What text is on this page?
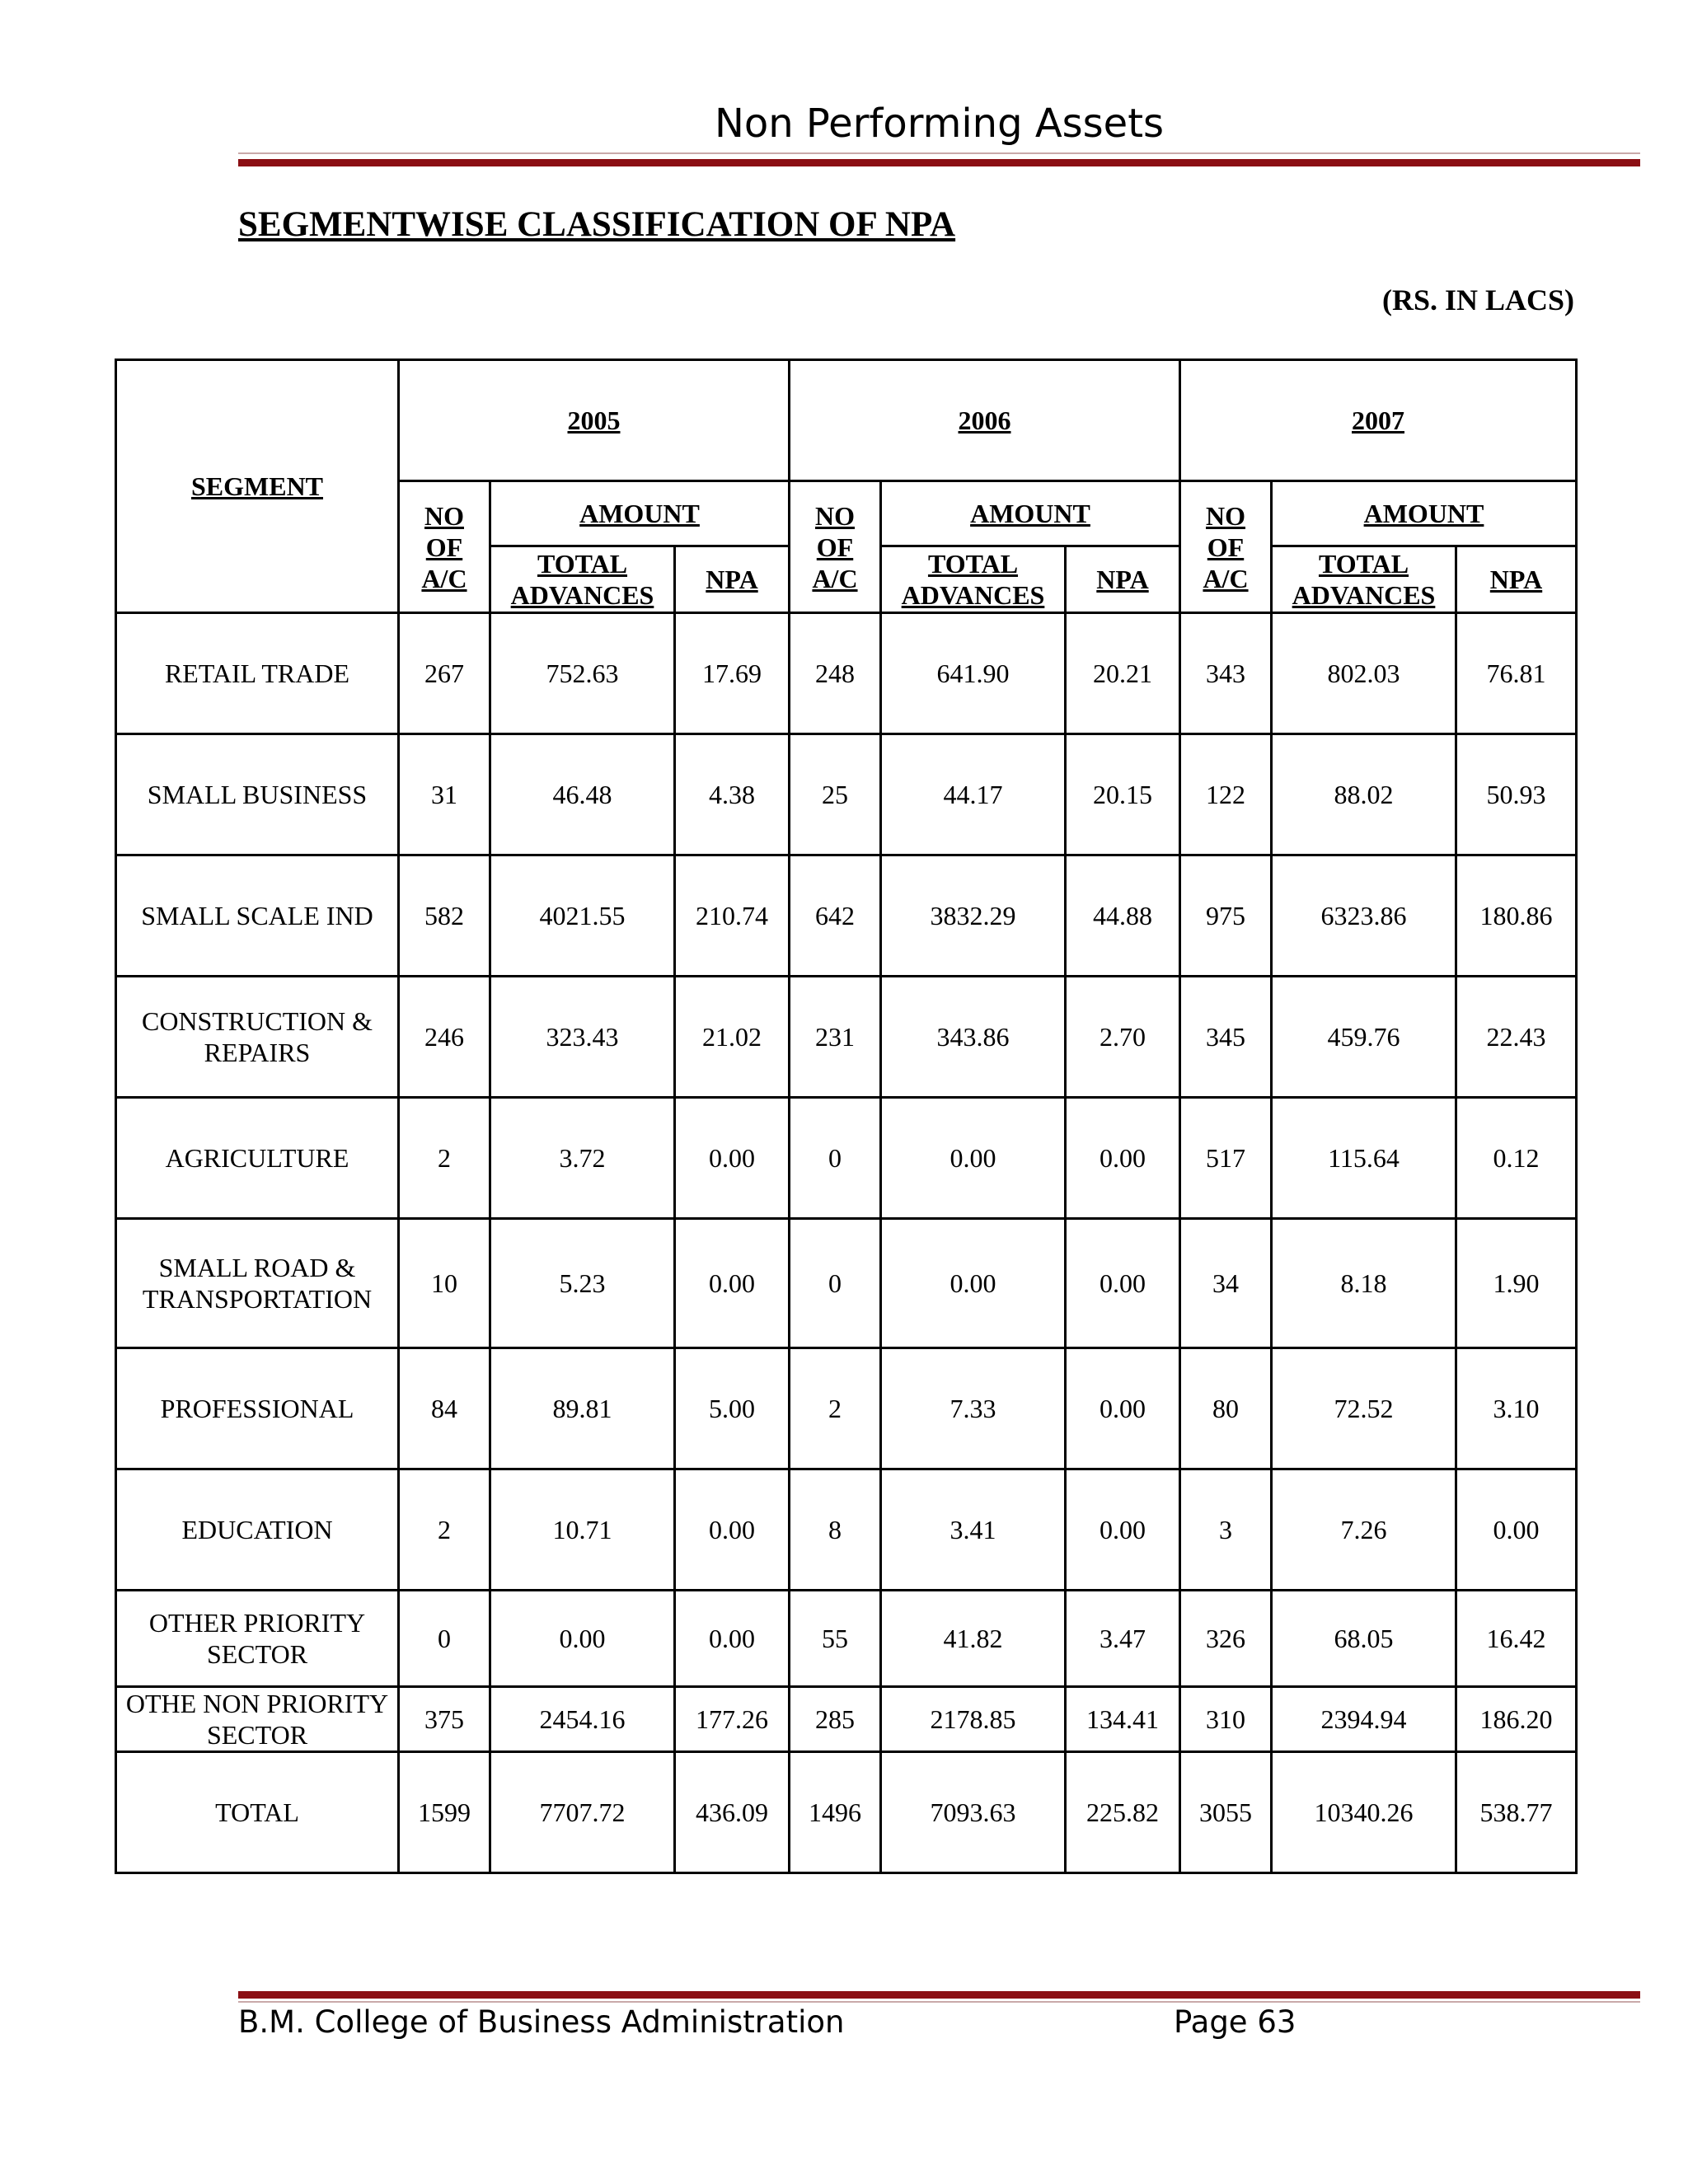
Non Performing Assets
SEGMENTWISE CLASSIFICATION OF NPA
(RS. IN LACS)
SEGMENT	2005			2006			2007		
	NO OF A/C	AMOUNT		NO OF A/C	AMOUNT		NO OF A/C	AMOUNT	
		TOTAL ADVANCES	NPA		TOTAL ADVANCES	NPA		TOTAL ADVANCES	NPA
RETAIL TRADE	267	752.63	17.69	248	641.90	20.21	343	802.03	76.81
SMALL BUSINESS	31	46.48	4.38	25	44.17	20.15	122	88.02	50.93
SMALL SCALE IND	582	4021.55	210.74	642	3832.29	44.88	975	6323.86	180.86
CONSTRUCTION & REPAIRS	246	323.43	21.02	231	343.86	2.70	345	459.76	22.43
AGRICULTURE	2	3.72	0.00	0	0.00	0.00	517	115.64	0.12
SMALL ROAD & TRANSPORTATION	10	5.23	0.00	0	0.00	0.00	34	8.18	1.90
PROFESSIONAL	84	89.81	5.00	2	7.33	0.00	80	72.52	3.10
EDUCATION	2	10.71	0.00	8	3.41	0.00	3	7.26	0.00
OTHER PRIORITY SECTOR	0	0.00	0.00	55	41.82	3.47	326	68.05	16.42
OTHE NON PRIORITY SECTOR	375	2454.16	177.26	285	2178.85	134.41	310	2394.94	186.20
TOTAL	1599	7707.72	436.09	1496	7093.63	225.82	3055	10340.26	538.77
B.M. College of Business Administration	Page 63
